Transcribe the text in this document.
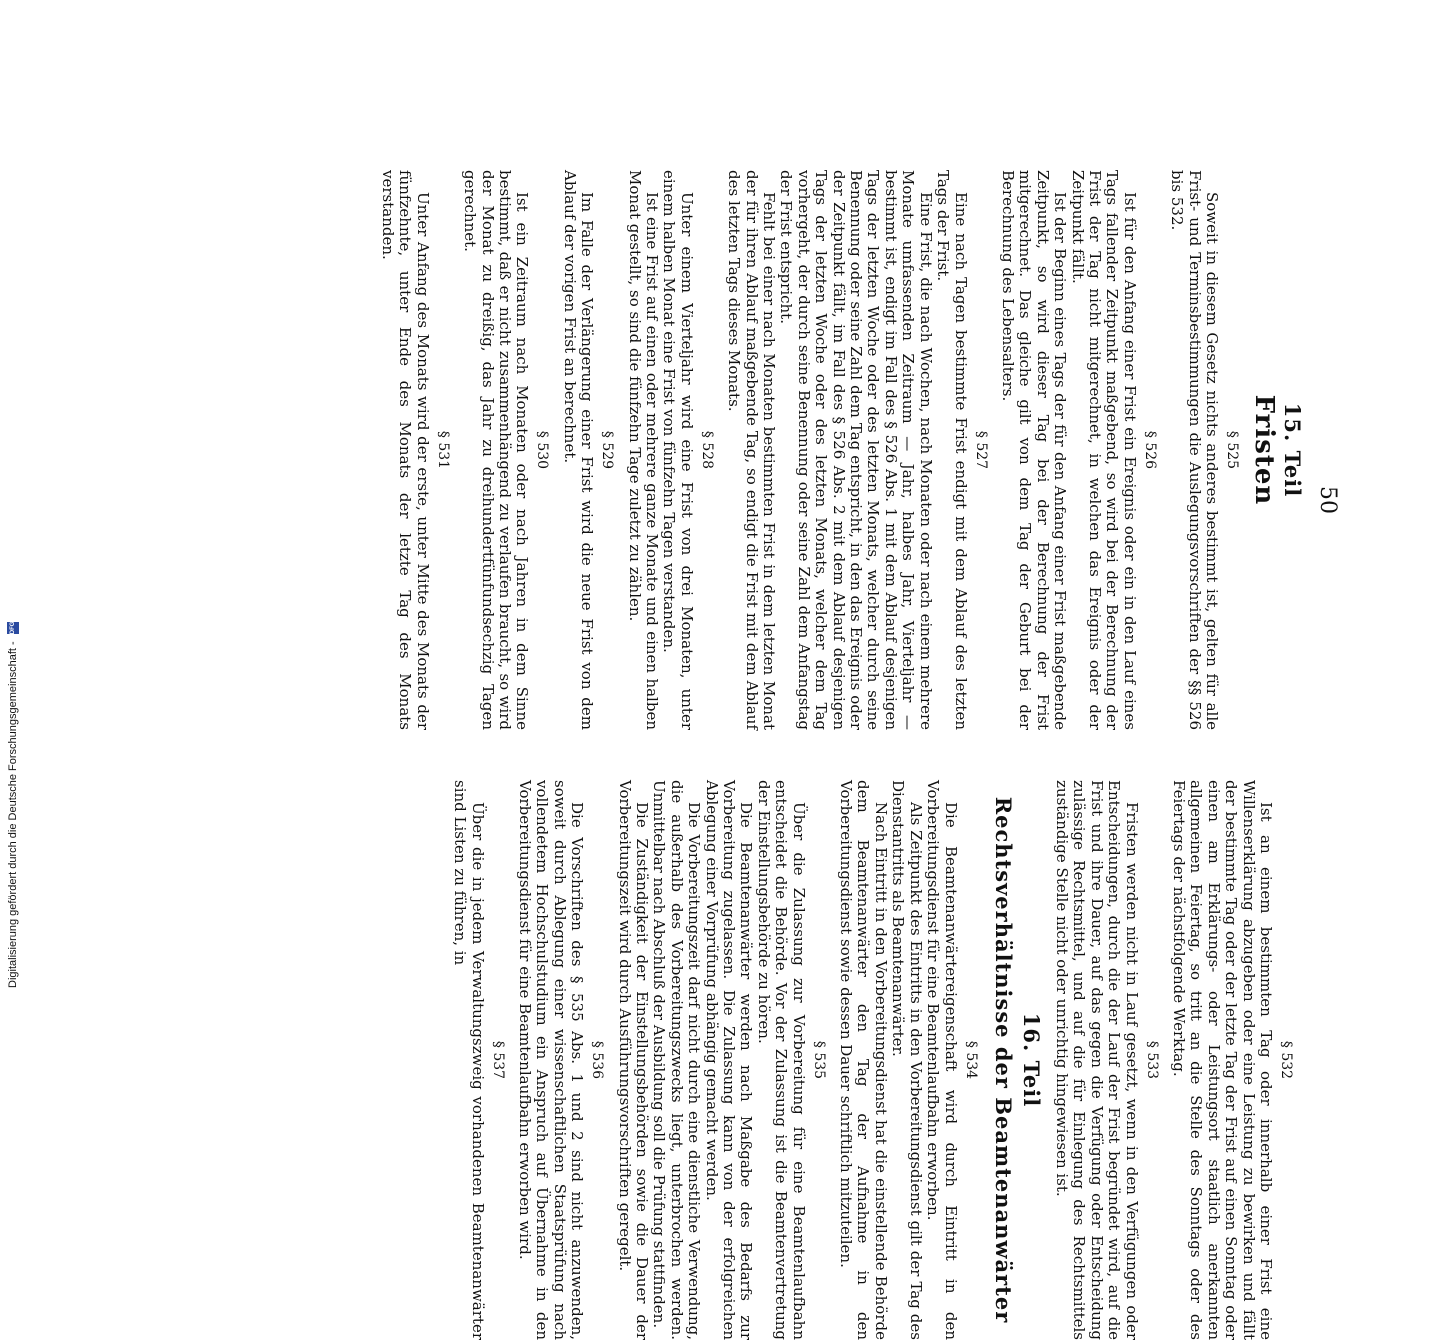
50
15. Teil
Fristen
§ 525

Soweit in diesem Gesetz nichts anderes bestimmt ist, gelten für alle Frist- und Terminsbestimmungen die Auslegungsvorschriften der §§ 526 bis 532.

§ 526

Ist für den Anfang einer Frist ein Ereignis oder ein in den Lauf eines Tags fallender Zeitpunkt maßgebend, so wird bei der Berechnung der Frist der Tag nicht mitgerechnet, in welchen das Ereignis oder der Zeitpunkt fällt.

Ist der Beginn eines Tags der für den Anfang einer Frist maßgebende Zeitpunkt, so wird dieser Tag bei der Berechnung der Frist mitgerechnet. Das gleiche gilt von dem Tag der Geburt bei der Berechnung des Lebensalters.

§ 527

Eine nach Tagen bestimmte Frist endigt mit dem Ablauf des letzten Tags der Frist.

Eine Frist, die nach Wochen, nach Monaten oder nach einem mehrere Monate umfassenden Zeitraum — Jahr, halbes Jahr, Vierteljahr — bestimmt ist, endigt im Fall des § 526 Abs. 1 mit dem Ablauf desjenigen Tags der letzten Woche oder des letzten Monats, welcher durch seine Benennung oder seine Zahl dem Tag entspricht, in den das Ereignis oder der Zeitpunkt fällt, im Fall des § 526 Abs. 2 mit dem Ablauf desjenigen Tags der letzten Woche oder des letzten Monats, welcher dem Tag vorhergeht, der durch seine Benennung oder seine Zahl dem Anfangstag der Frist entspricht.

Fehlt bei einer nach Monaten bestimmten Frist in dem letzten Monat der für ihren Ablauf maßgebende Tag, so endigt die Frist mit dem Ablauf des letzten Tags dieses Monats.

§ 528

Unter einem Vierteljahr wird eine Frist von drei Monaten, unter einem halben Monat eine Frist von fünfzehn Tagen verstanden.

Ist eine Frist auf einen oder mehrere ganze Monate und einen halben Monat gestellt, so sind die fünfzehn Tage zuletzt zu zählen.

§ 529

Im Falle der Verlängerung einer Frist wird die neue Frist von dem Ablauf der vorigen Frist an berechnet.

§ 530

Ist ein Zeitraum nach Monaten oder nach Jahren in dem Sinne bestimmt, daß er nicht zusammenhängend zu verlaufen braucht, so wird der Monat zu dreißig, das Jahr zu dreihundertfünfundsechzig Tagen gerechnet.

§ 531

Unter Anfang des Monats wird der erste, unter Mitte des Monats der fünfzehnte, unter Ende des Monats der letzte Tag des Monats verstanden.

§ 532

Ist an einem bestimmten Tag oder innerhalb einer Frist eine Willenserklärung abzugeben oder eine Leistung zu bewirken und fällt der bestimmte Tag oder der letzte Tag der Frist auf einen Sonntag oder einen am Erklärungs- oder Leistungsort staatlich anerkannten allgemeinen Feiertag, so tritt an die Stelle des Sonntags oder des Feiertags der nächstfolgende Werktag.

§ 533

Fristen werden nicht in Lauf gesetzt, wenn in den Verfügungen oder Entscheidungen, durch die der Lauf der Frist begründet wird, auf die Frist und ihre Dauer, auf das gegen die Verfügung oder Entscheidung zulässige Rechtsmittel, und auf die für Einlegung des Rechtsmittels zuständige Stelle nicht oder unrichtig hingewiesen ist.

16. Teil
Rechtsverhältnisse der Beamtenanwärter
§ 534

Die Beamtenanwärtereigenschaft wird durch Eintritt in den Vorbereitungsdienst für eine Beamtenlaufbahn erworben.

Als Zeitpunkt des Eintritts in den Vorbereitungsdienst gilt der Tag des Dienstantritts als Beamtenanwärter.

Nach Eintritt in den Vorbereitungsdienst hat die einstellende Behörde dem Beamtenanwärter den Tag der Aufnahme in den Vorbereitungsdienst sowie dessen Dauer schriftlich mitzuteilen.

§ 535

Über die Zulassung zur Vorbereitung für eine Beamtenlaufbahn entscheidet die Behörde. Vor der Zulassung ist die Beamtenvertretung der Einstellungsbehörde zu hören.

Die Beamtenanwärter werden nach Maßgabe des Bedarfs zur Vorbereitung zugelassen. Die Zulassung kann von der erfolgreichen Ablegung einer Vorprüfung abhängig gemacht werden.

Die Vorbereitungszeit darf nicht durch eine dienstliche Verwendung, die außerhalb des Vorbereitungszwecks liegt, unterbrochen werden. Unmittelbar nach Abschluß der Ausbildung soll die Prüfung stattfinden.

Die Zuständigkeit der Einstellungsbehörden sowie die Dauer der Vorbereitungszeit wird durch Ausführungsvorschriften geregelt.

§ 536

Die Vorschriften des § 535 Abs. 1 und 2 sind nicht anzuwenden, soweit durch Ablegung einer wissenschaftlichen Staatsprüfung nach vollendetem Hochschulstudium ein Anspruch auf Übernahme in den Vorbereitungsdienst für eine Beamtenlaufbahn erworben wird.

§ 537

Über die in jedem Verwaltungszweig vorhandenen Beamtenanwärter sind Listen zu führen, in

Digitalisierung gefördert durch die Deutsche Forschungsgemeinschaft - DFG
